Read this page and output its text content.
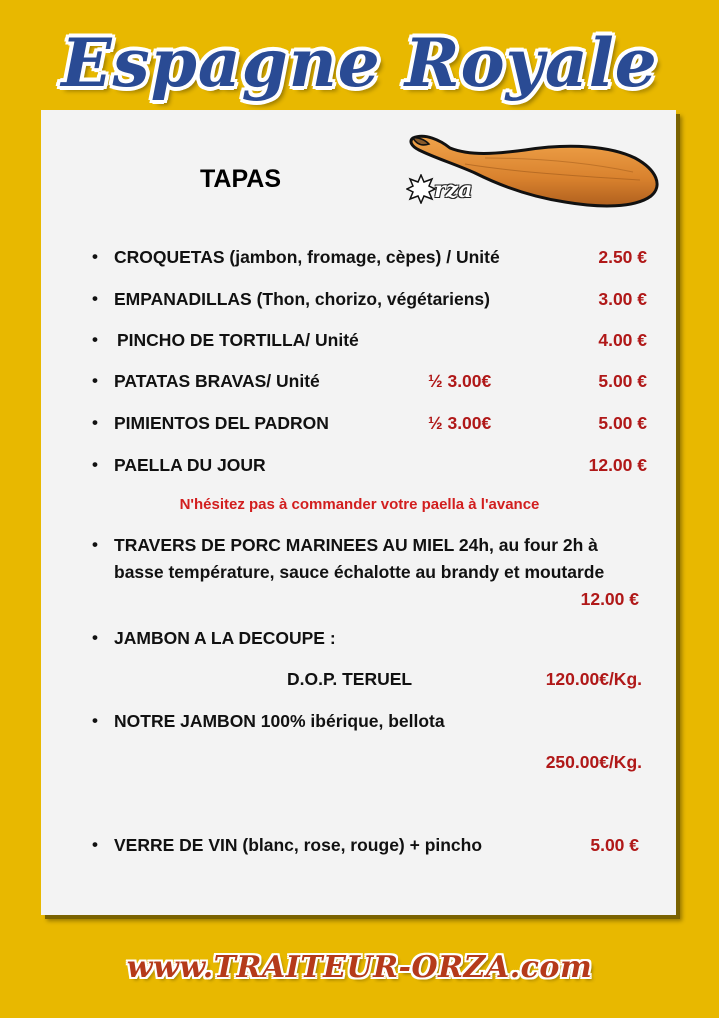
Espagne Royale
TAPAS	rza
• CROQUETAS (jambon, fromage, cèpes) / Unité	2.50 €
• EMPANADILLAS (Thon, chorizo, végétariens)	3.00 €
• PINCHO DE TORTILLA/ Unité	4.00 €
• PATATAS BRAVAS/ Unité	½ 3.00€	5.00 €
• PIMIENTOS DEL PADRON	½ 3.00€	5.00 €
• PAELLA DU JOUR	12.00 €
N'hésitez pas à commander votre paella à l'avance
• TRAVERS DE PORC MARINEES AU MIEL 24h, au four 2h à
basse température, sauce échalotte au brandy et moutarde
12.00 €
• JAMBON A LA DECOUPE :
D.O.P. TERUEL	120.00€/Kg.
• NOTRE JAMBON 100% ibérique, bellota
250.00€/Kg.
• VERRE DE VIN (blanc, rose, rouge) + pincho	5.00 €
www.TRAITEUR-ORZA.com
